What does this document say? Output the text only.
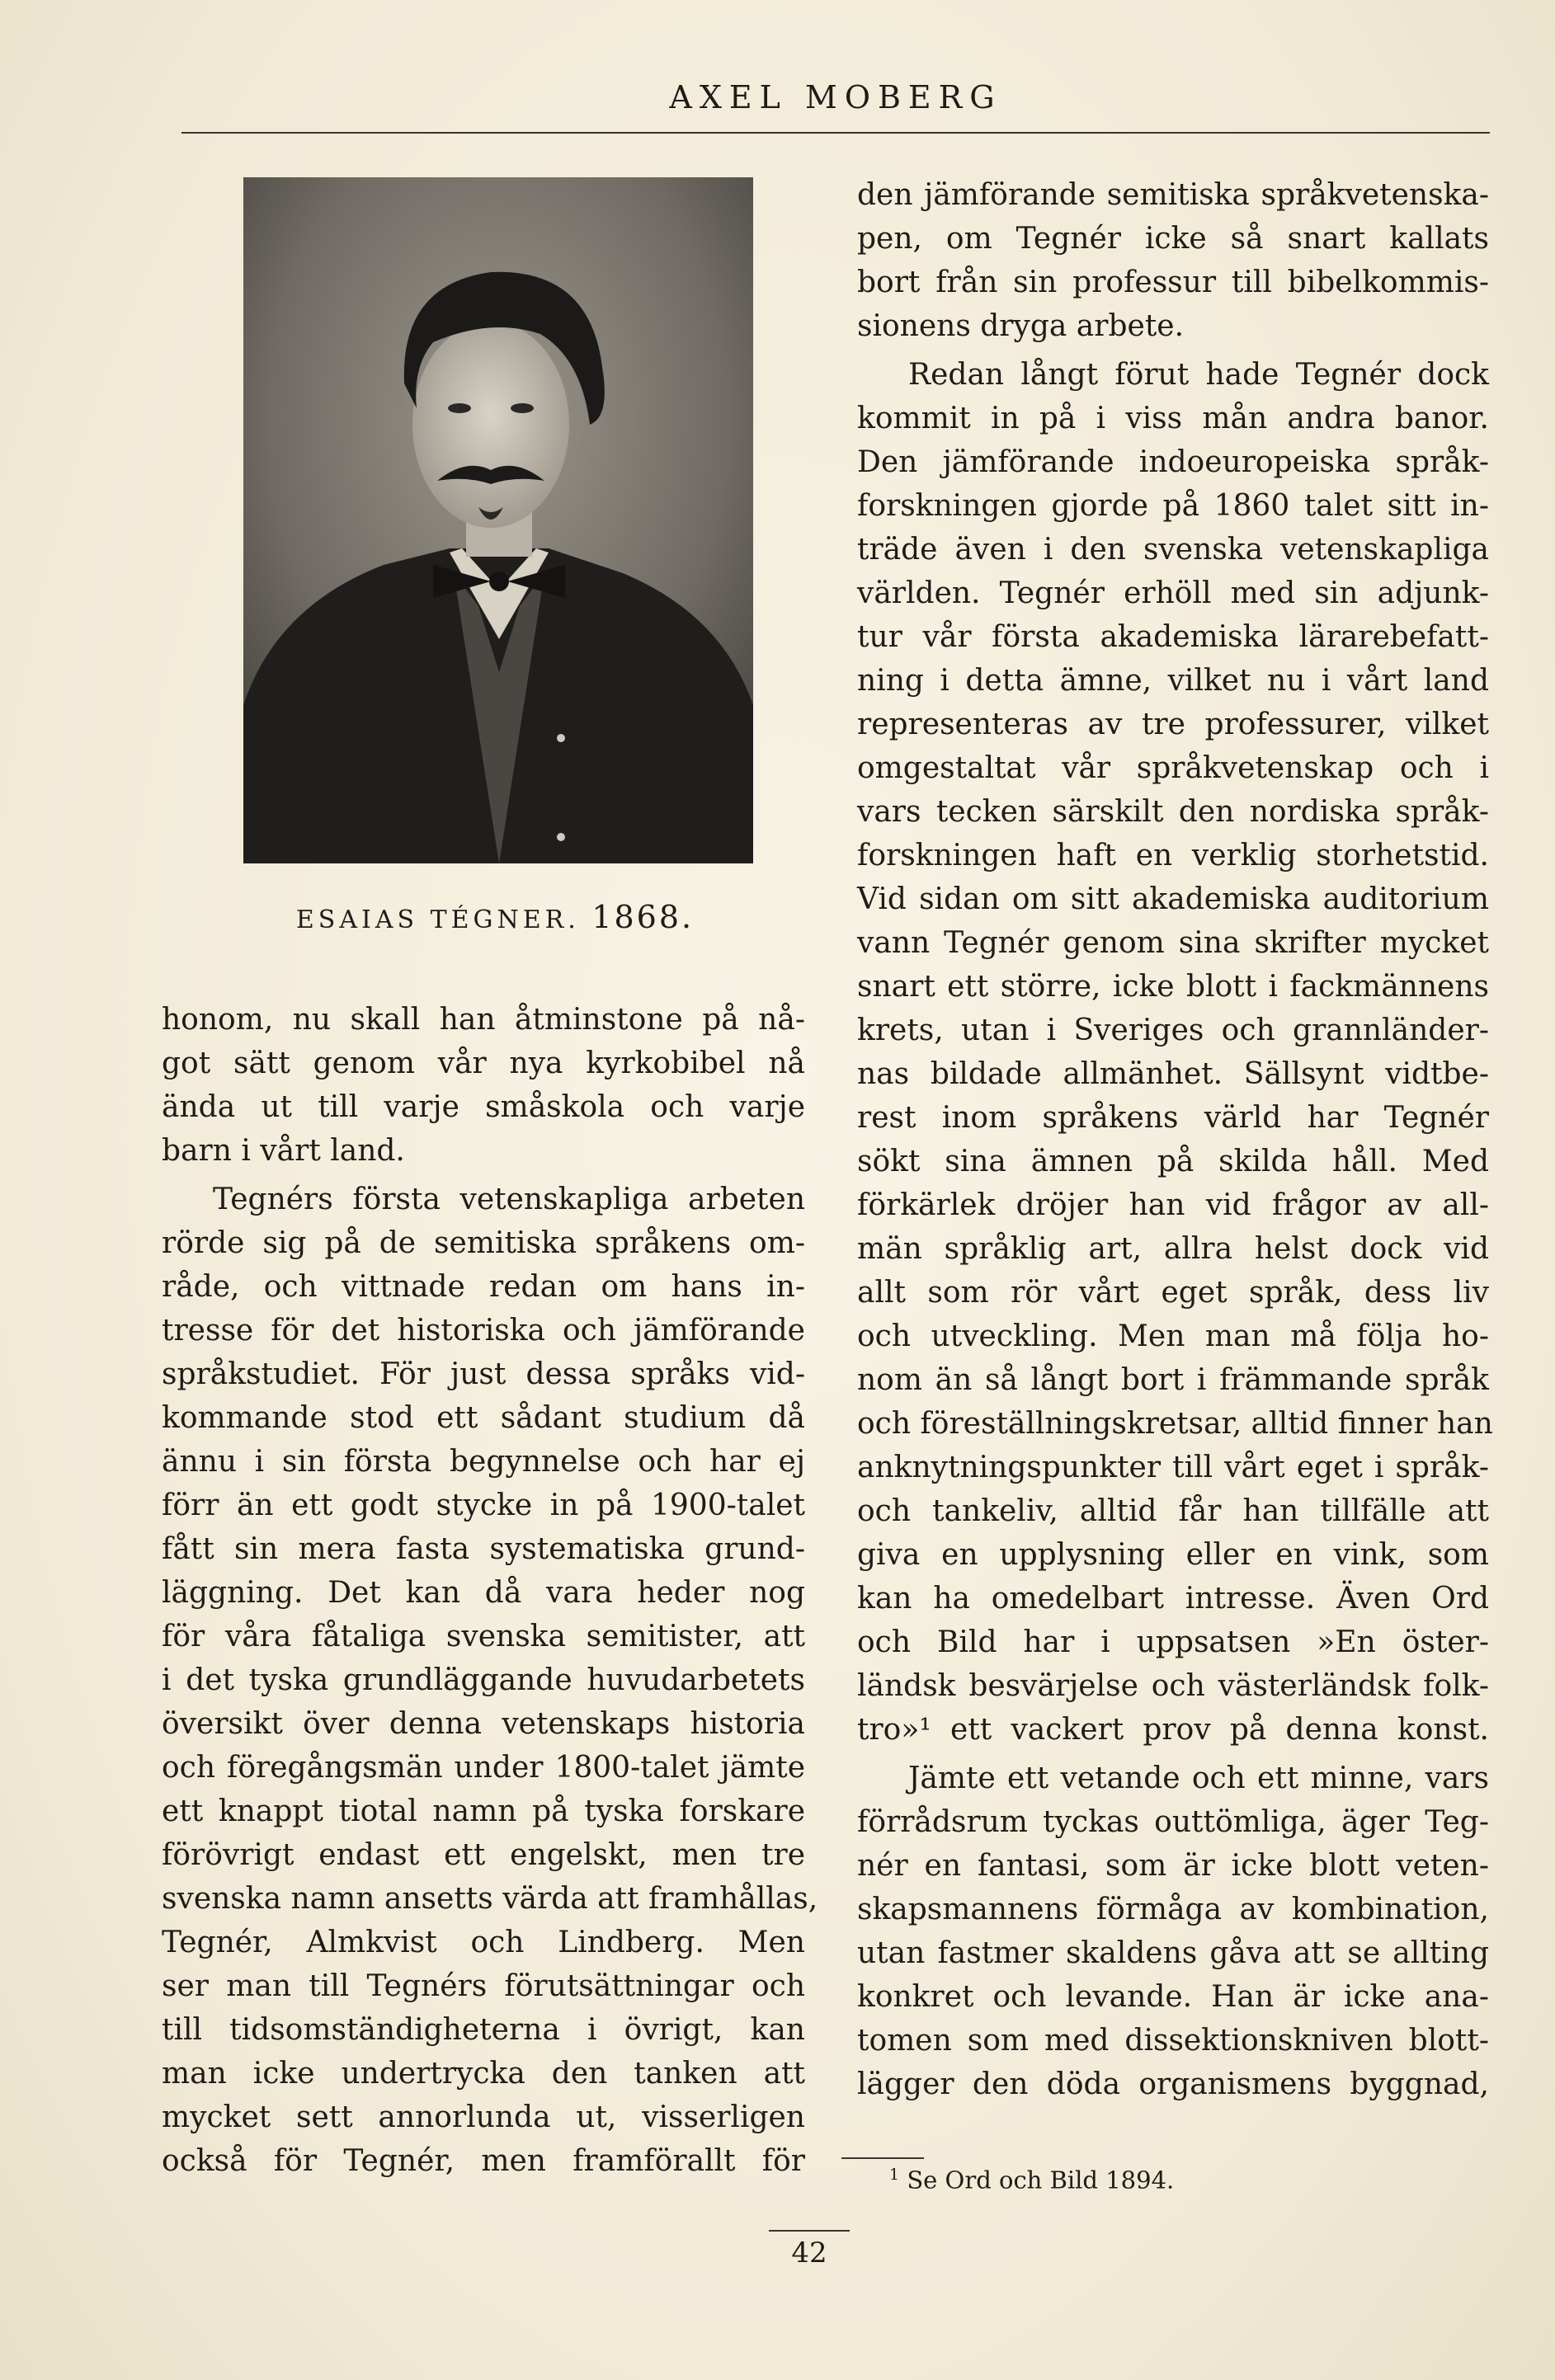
AXEL MOBERG
ESAIAS TÉGNER. 1868.
honom, nu skall han åtminstone på nå-
got sätt genom vår nya kyrkobibel nå
ända ut till varje småskola och varje
barn i vårt land.
Tegnérs första vetenskapliga arbeten
rörde sig på de semitiska språkens om-
råde, och vittnade redan om hans in-
tresse för det historiska och jämförande
språkstudiet. För just dessa språks vid-
kommande stod ett sådant studium då
ännu i sin första begynnelse och har ej
förr än ett godt stycke in på 1900-talet
fått sin mera fasta systematiska grund-
läggning. Det kan då vara heder nog
för våra fåtaliga svenska semitister, att
i det tyska grundläggande huvudarbetets
översikt över denna vetenskaps historia
och föregångsmän under 1800-talet jämte
ett knappt tiotal namn på tyska forskare
förövrigt endast ett engelskt, men tre
svenska namn ansetts värda att framhållas,
Tegnér, Almkvist och Lindberg. Men
ser man till Tegnérs förutsättningar och
till tidsomständigheterna i övrigt, kan
man icke undertrycka den tanken att
mycket sett annorlunda ut, visserligen
också för Tegnér, men framförallt för
den jämförande semitiska språkvetenska-
pen, om Tegnér icke så snart kallats
bort från sin professur till bibelkommis-
sionens dryga arbete.
Redan långt förut hade Tegnér dock
kommit in på i viss mån andra banor.
Den jämförande indoeuropeiska språk-
forskningen gjorde på 1860 talet sitt in-
träde även i den svenska vetenskapliga
världen. Tegnér erhöll med sin adjunk-
tur vår första akademiska lärarebefatt-
ning i detta ämne, vilket nu i vårt land
representeras av tre professurer, vilket
omgestaltat vår språkvetenskap och i
vars tecken särskilt den nordiska språk-
forskningen haft en verklig storhetstid.
Vid sidan om sitt akademiska auditorium
vann Tegnér genom sina skrifter mycket
snart ett större, icke blott i fackmännens
krets, utan i Sveriges och grannländer-
nas bildade allmänhet. Sällsynt vidtbe-
rest inom språkens värld har Tegnér
sökt sina ämnen på skilda håll. Med
förkärlek dröjer han vid frågor av all-
män språklig art, allra helst dock vid
allt som rör vårt eget språk, dess liv
och utveckling. Men man må följa ho-
nom än så långt bort i främmande språk
och föreställningskretsar, alltid finner han
anknytningspunkter till vårt eget i språk-
och tankeliv, alltid får han tillfälle att
giva en upplysning eller en vink, som
kan ha omedelbart intresse. Även Ord
och Bild har i uppsatsen »En öster-
ländsk besvärjelse och västerländsk folk-
tro»¹ ett vackert prov på denna konst.
Jämte ett vetande och ett minne, vars
förrådsrum tyckas outtömliga, äger Teg-
nér en fantasi, som är icke blott veten-
skapsmannens förmåga av kombination,
utan fastmer skaldens gåva att se allting
konkret och levande. Han är icke ana-
tomen som med dissektionskniven blott-
lägger den döda organismens byggnad,
$^1$ Se Ord och Bild 1894.
42
